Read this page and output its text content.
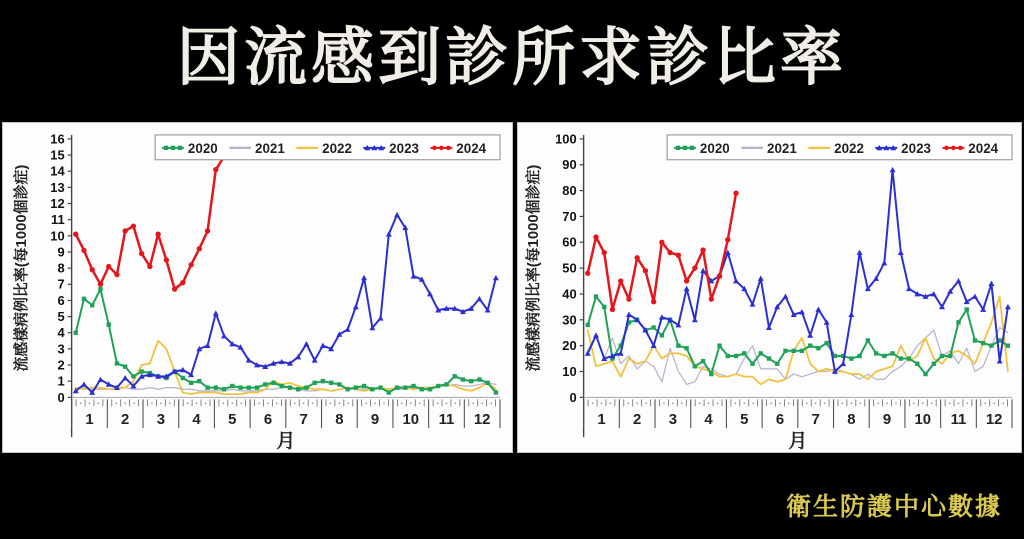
因流感到診所求診比率
0
1
2
3
4
5
6
7
8
9
10
11
12
13
14
15
16
1 2 3 4 5 6 7 8 9 10 11 12
月
流感樣病例比率(每1000個診症)
2020	2021	2022	2023	2024
0
10
20
30
40
50
60
70
80
90
100
1 2 3 4 5 6 7 8 9 10 11 12
月
流感樣病例比率(每1000個診症)
2020	2021	2022	2023	2024
衛生防護中心數據
